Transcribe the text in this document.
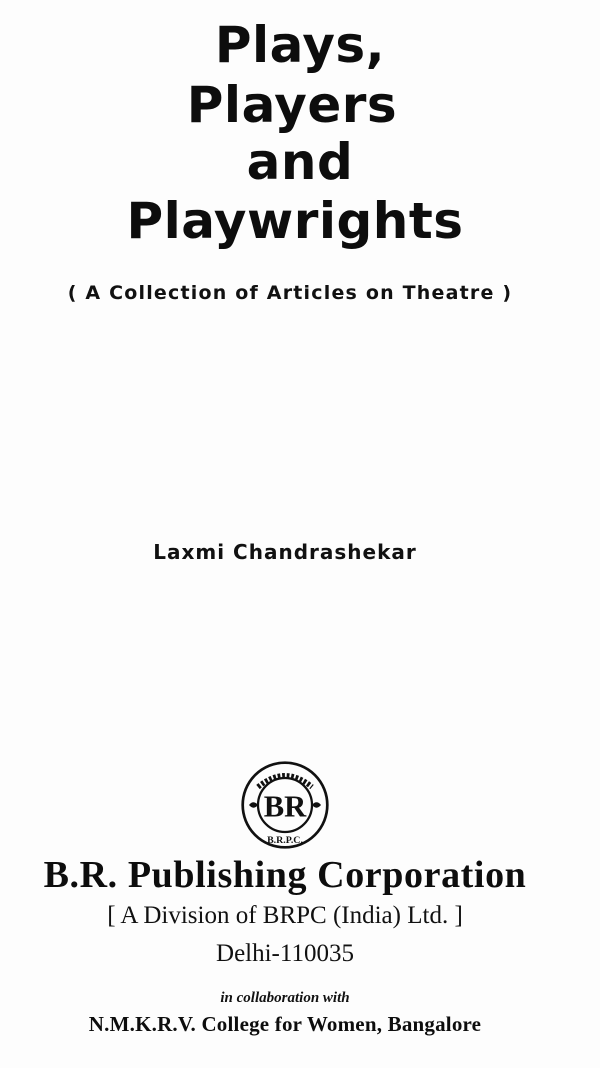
Plays,
Players
and
Playwrights
( A Collection of Articles on Theatre )
Laxmi Chandrashekar
BR
B.R.P.C.
B.R. Publishing Corporation
[ A Division of BRPC (India) Ltd. ]
Delhi-110035
in collaboration with
N.M.K.R.V. College for Women, Bangalore
